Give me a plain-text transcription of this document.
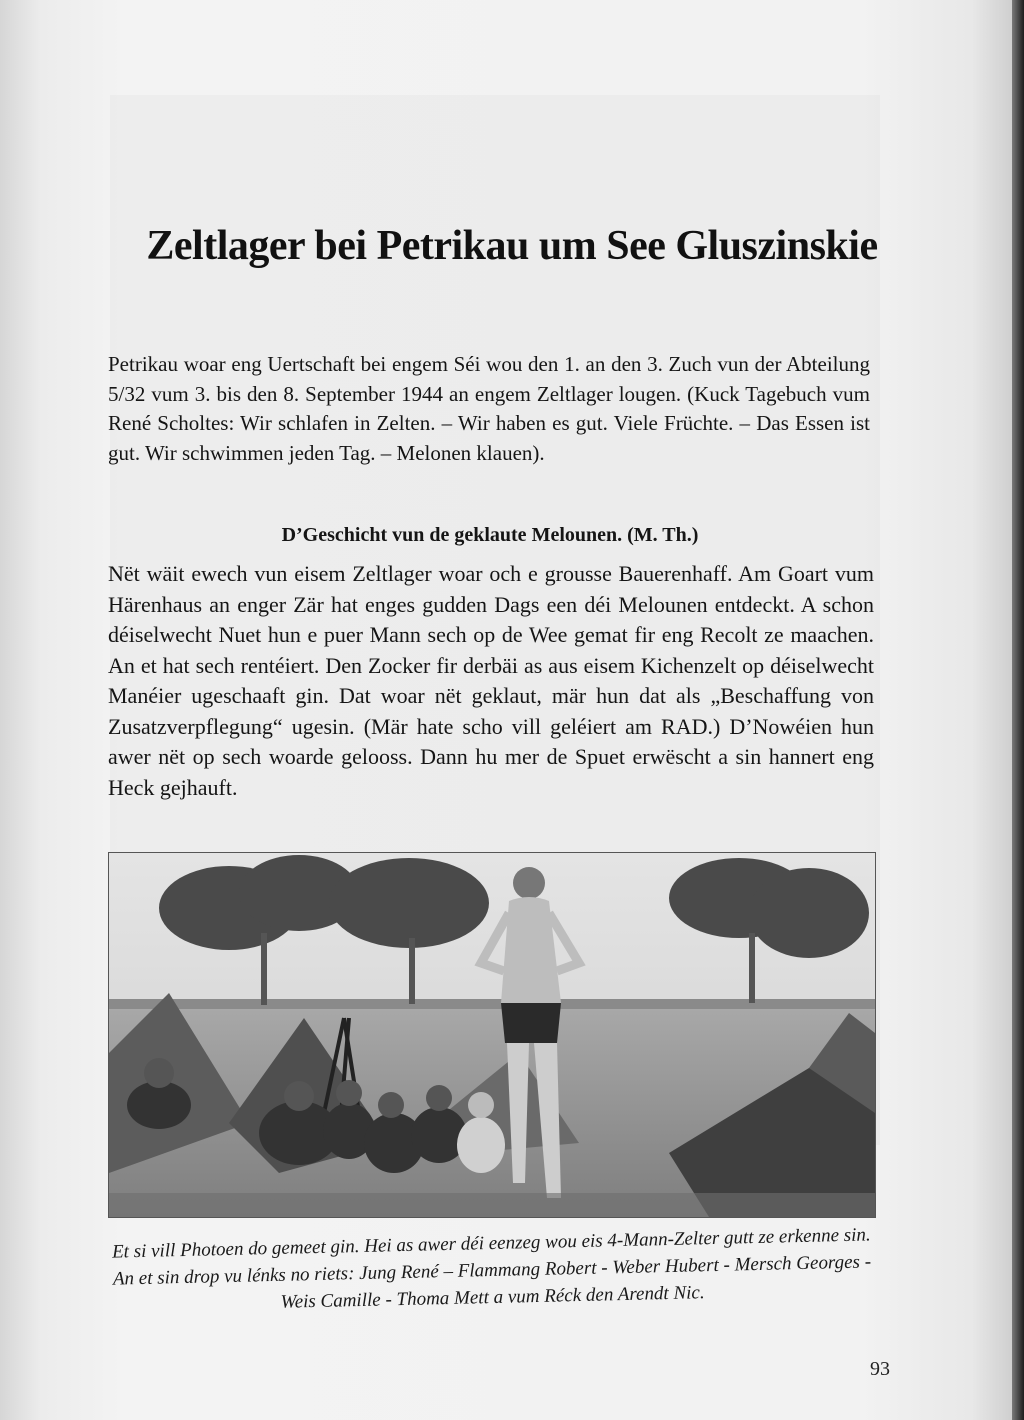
Zeltlager bei Petrikau um See Gluszinskie

Petrikau woar eng Uertschaft bei engem Séi wou den 1. an den 3. Zuch vun der Abteilung 5/32 vum 3. bis den 8. September 1944 an engem Zeltlager lougen. (Kuck Tagebuch vum René Scholtes: Wir schlafen in Zelten. – Wir haben es gut. Viele Früchte. – Das Essen ist gut. Wir schwimmen jeden Tag. – Melonen klauen).

D’Geschicht vun de geklaute Melounen. (M. Th.)

Nët wäit ewech vun eisem Zeltlager woar och e grousse Bauerenhaff. Am Goart vum Härenhaus an enger Zär hat enges gudden Dags een déi Melounen entdeckt. A schon déiselwecht Nuet hun e puer Mann sech op de Wee gemat fir eng Recolt ze maachen. An et hat sech rentéiert. Den Zocker fir derbäi as aus eisem Kichenzelt op déiselwecht Manéier ugeschaaft gin. Dat woar nët geklaut, mär hun dat als „Beschaffung von Zusatzverpflegung“ ugesin. (Mär hate scho vill geléiert am RAD.) D’Nowéien hun awer nët op sech woarde gelooss. Dann hu mer de Spuet erwëscht a sin hannert eng Heck gejhauft.

Et si vill Photoen do gemeet gin. Hei as awer déi eenzeg wou eis 4-Mann-Zelter gutt ze erkenne sin. An et sin drop vu lénks no riets: Jung René – Flammang Robert - Weber Hubert - Mersch Georges - Weis Camille - Thoma Mett a vum Réck den Arendt Nic.

93
